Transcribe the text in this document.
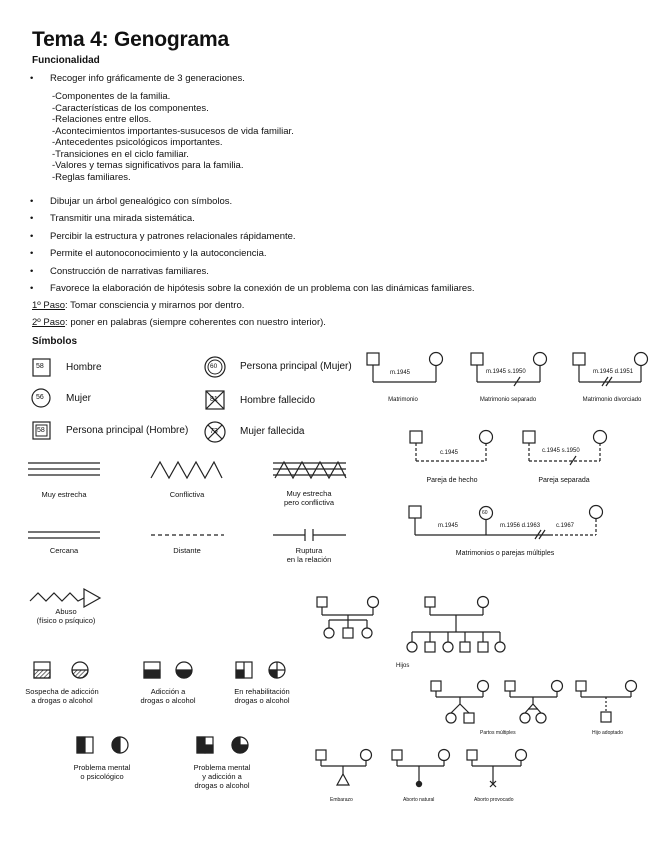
Tema 4: Genograma
Funcionalidad
• Recoger info gráficamente de 3 generaciones.
-Componentes de la familia.
-Características de los componentes.
-Relaciones entre ellos.
-Acontecimientos importantes-susucesos de vida familiar.
-Antecedentes psicológicos importantes.
-Transiciones en el ciclo familiar.
-Valores y temas significativos para la familia.
-Reglas familiares.
• Dibujar un árbol genealógico con símbolos.
• Transmitir una mirada sistemática.
• Percibir la estructura y patrones relacionales rápidamente.
• Permite el autonoconocimiento y la autoconciencia.
• Construcción de narrativas familiares.
• Favorece la elaboración de hipótesis sobre la conexión de un problema con las dinámicas familiares.
1º Paso: Tomar consciencia y mirarnos por dentro.
2º Paso: poner en palabras (siempre coherentes con nuestro interior).
Símbolos
58 Hombre
56 Mujer
58 Persona principal (Hombre)
60 Persona principal (Mujer)
81 Hombre fallecido
73 Mujer fallecida
Muy estrecha	Conflictiva	Muy estrecha
pero conflictiva
Cercana	Distante	Ruptura
en la relación
Abuso
(físico o psíquico)
m.1945
Matrimonio
m.1945 s.1950
Matrimonio separado
m.1945 d.1951
Matrimonio divorciado
c.1945
Pareja de hecho
c.1945 s.1950
Pareja separada
60
m.1945	m.1956 d.1963	c.1967
Matrimonios o parejas múltiples
Hijos
Partos múltiples	Hijo adoptado
Embarazo	Aborto natural	Aborto provocado
Sospecha de adicción
a drogas o alcohol
Adicción a
drogas o alcohol
En rehabilitación
drogas o alcohol
Problema mental
o psicológico
Problema mental
y adicción a
drogas o alcohol
